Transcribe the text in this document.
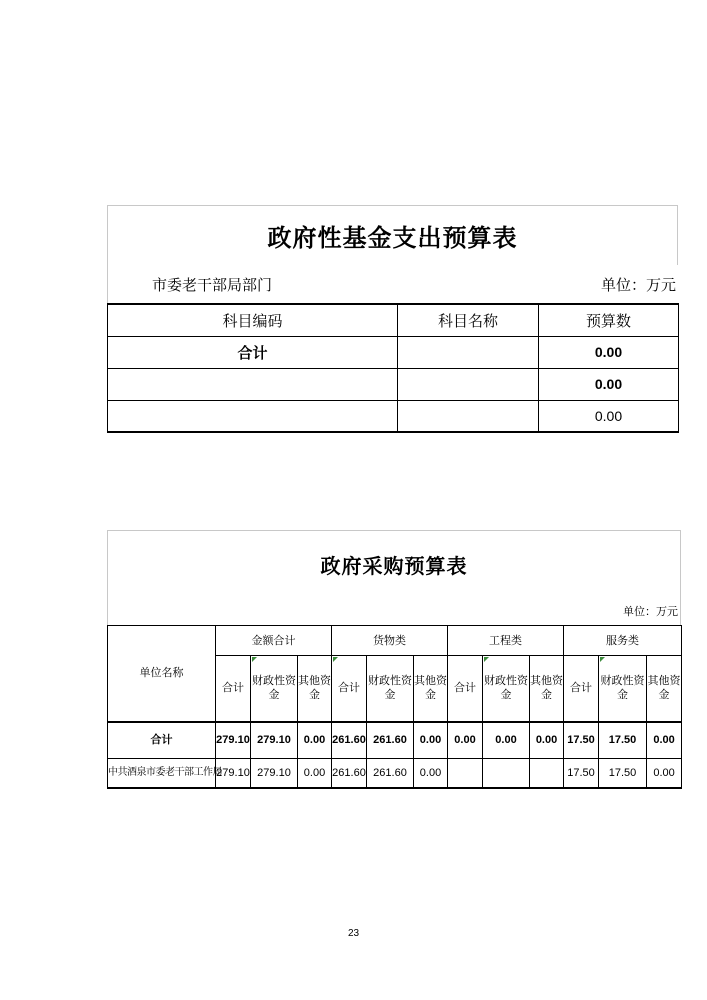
政府性基金支出预算表
市委老干部局部门	单位：万元
科目编码	科目名称	预算数
合计		0.00
		0.00
		0.00
政府采购预算表
单位：万元
单位名称	金额合计			货物类			工程类			服务类		
	合计	财政性资金	其他资金	合计	财政性资金	其他资金	合计	财政性资金	其他资金	合计	财政性资金	其他资金
合计	279.10	279.10	0.00	261.60	261.60	0.00	0.00	0.00	0.00	17.50	17.50	0.00
中共酒泉市委老干部工作局	279.10	279.10	0.00	261.60	261.60	0.00				17.50	17.50	0.00
23
